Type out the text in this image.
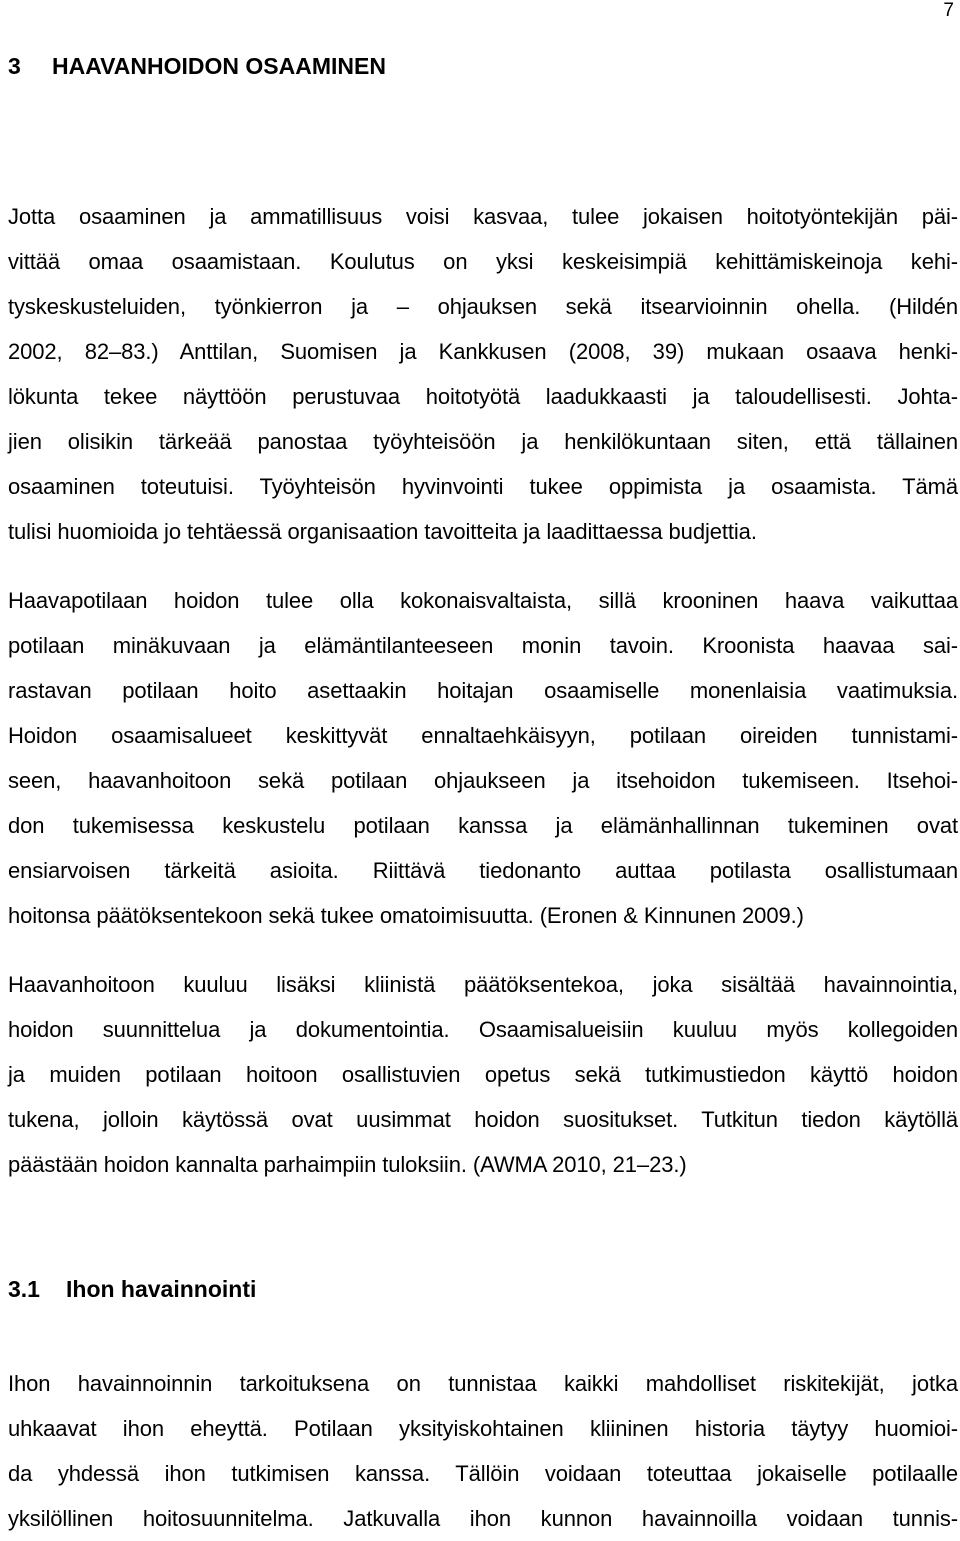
7
3 HAAVANHOIDON OSAAMINEN
Jotta osaaminen ja ammatillisuus voisi kasvaa, tulee jokaisen hoitotyöntekijän päi-
vittää omaa osaamistaan. Koulutus on yksi keskeisimpiä kehittämiskeinoja kehi-
tyskeskusteluiden, työnkierron ja – ohjauksen sekä itsearvioinnin ohella. (Hildén
2002, 82–83.) Anttilan, Suomisen ja Kankkusen (2008, 39) mukaan osaava henki-
lökunta tekee näyttöön perustuvaa hoitotyötä laadukkaasti ja taloudellisesti. Johta-
jien olisikin tärkeää panostaa työyhteisöön ja henkilökuntaan siten, että tällainen
osaaminen toteutuisi. Työyhteisön hyvinvointi tukee oppimista ja osaamista. Tämä
tulisi huomioida jo tehtäessä organisaation tavoitteita ja laadittaessa budjettia.
Haavapotilaan hoidon tulee olla kokonaisvaltaista, sillä krooninen haava vaikuttaa
potilaan minäkuvaan ja elämäntilanteeseen monin tavoin. Kroonista haavaa sai-
rastavan potilaan hoito asettaakin hoitajan osaamiselle monenlaisia vaatimuksia.
Hoidon osaamisalueet keskittyvät ennaltaehkäisyyn, potilaan oireiden tunnistami-
seen, haavanhoitoon sekä potilaan ohjaukseen ja itsehoidon tukemiseen. Itsehoi-
don tukemisessa keskustelu potilaan kanssa ja elämänhallinnan tukeminen ovat
ensiarvoisen tärkeitä asioita. Riittävä tiedonanto auttaa potilasta osallistumaan
hoitonsa päätöksentekoon sekä tukee omatoimisuutta. (Eronen & Kinnunen 2009.)
Haavanhoitoon kuuluu lisäksi kliinistä päätöksentekoa, joka sisältää havainnointia,
hoidon suunnittelua ja dokumentointia. Osaamisalueisiin kuuluu myös kollegoiden
ja muiden potilaan hoitoon osallistuvien opetus sekä tutkimustiedon käyttö hoidon
tukena, jolloin käytössä ovat uusimmat hoidon suositukset. Tutkitun tiedon käytöllä
päästään hoidon kannalta parhaimpiin tuloksiin. (AWMA 2010, 21–23.)
3.1 Ihon havainnointi
Ihon havainnoinnin tarkoituksena on tunnistaa kaikki mahdolliset riskitekijät, jotka
uhkaavat ihon eheyttä. Potilaan yksityiskohtainen kliininen historia täytyy huomioi-
da yhdessä ihon tutkimisen kanssa. Tällöin voidaan toteuttaa jokaiselle potilaalle
yksilöllinen hoitosuunnitelma. Jatkuvalla ihon kunnon havainnoilla voidaan tunnis-
